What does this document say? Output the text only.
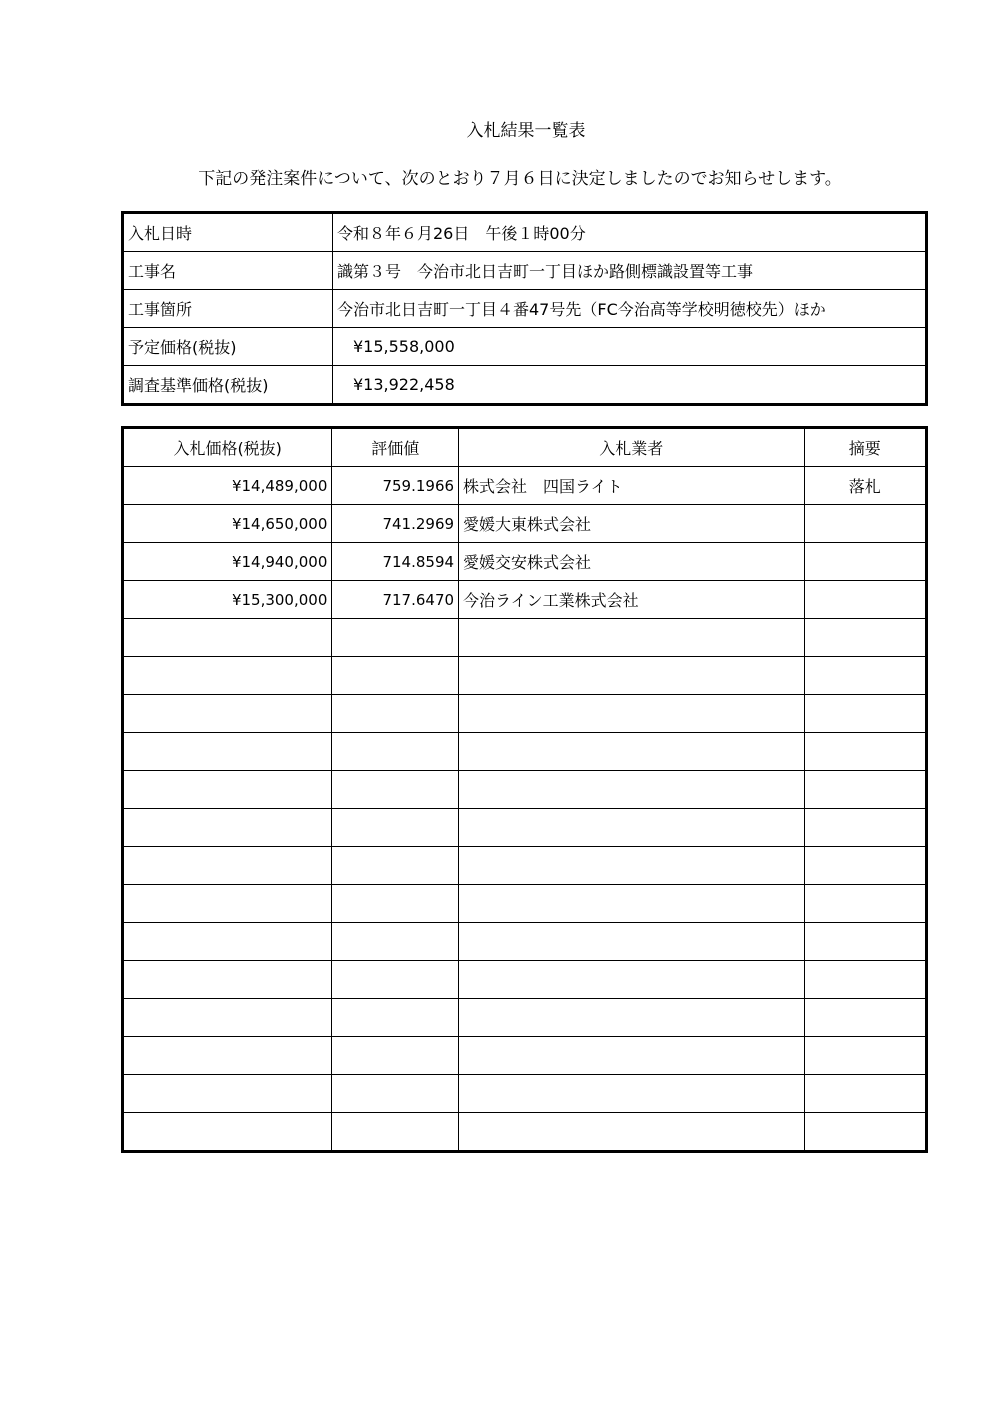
入札結果一覧表
下記の発注案件について、次のとおり７月６日に決定しましたのでお知らせします。
入札日時	令和８年６月26日　午後１時00分
工事名	識第３号　今治市北日吉町一丁目ほか路側標識設置等工事
工事箇所	今治市北日吉町一丁目４番47号先（FC今治高等学校明徳校先）ほか
予定価格(税抜)	¥15,558,000
調査基準価格(税抜)	¥13,922,458
入札価格(税抜)	評価値	入札業者	摘要
¥14,489,000	759.1966	株式会社　四国ライト	落札
¥14,650,000	741.2969	愛媛大東株式会社	
¥14,940,000	714.8594	愛媛交安株式会社	
¥15,300,000	717.6470	今治ライン工業株式会社	
